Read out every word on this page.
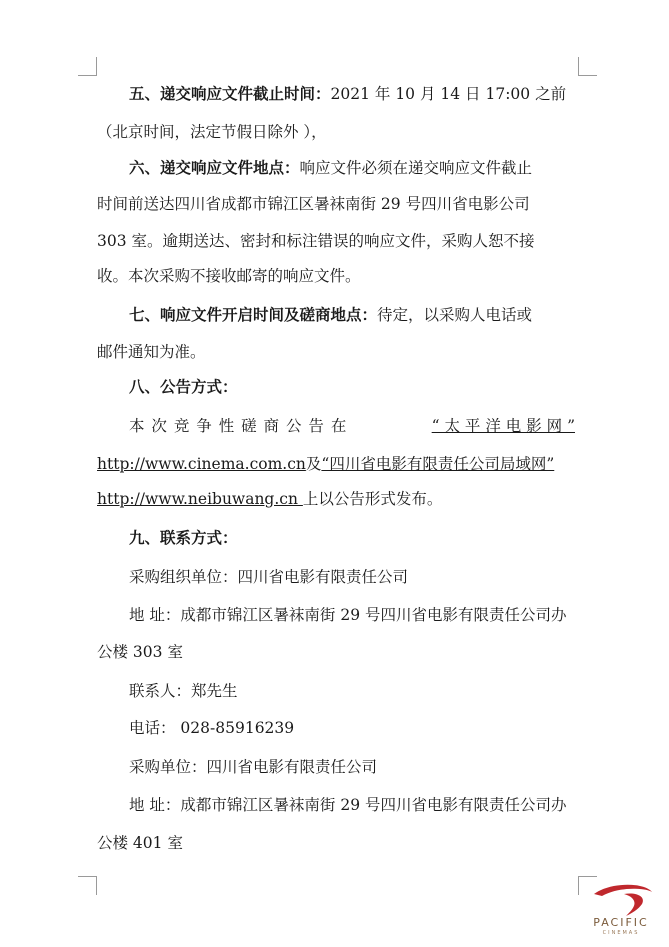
五、递交响应文件截止时间：2021 年 10 月 14 日 17:00 之前
（北京时间，法定节假日除外 ），
六、递交响应文件地点：响应文件必须在递交响应文件截止
时间前送达四川省成都市锦江区暑袜南街 29 号四川省电影公司
303 室。逾期送达、密封和标注错误的响应文件，采购人恕不接
收。本次采购不接收邮寄的响应文件。
七、响应文件开启时间及磋商地点：待定，以采购人电话或
邮件通知为准。
八、公告方式：
本 次 竞 争 性 磋 商 公 告 在	“ 太 平 洋 电 影 网 ”
http://www.cinema.com.cn及“四川省电影有限责任公司局域网”
http://www.neibuwang.cn 上以公告形式发布。
九、联系方式：
采购组织单位：四川省电影有限责任公司
地 址：成都市锦江区暑袜南街 29 号四川省电影有限责任公司办
公楼 303 室
联系人：郑先生
电话： 028-85916239
采购单位：四川省电影有限责任公司
地 址：成都市锦江区暑袜南街 29 号四川省电影有限责任公司办
公楼 401 室
PACIFIC
CINEMAS
